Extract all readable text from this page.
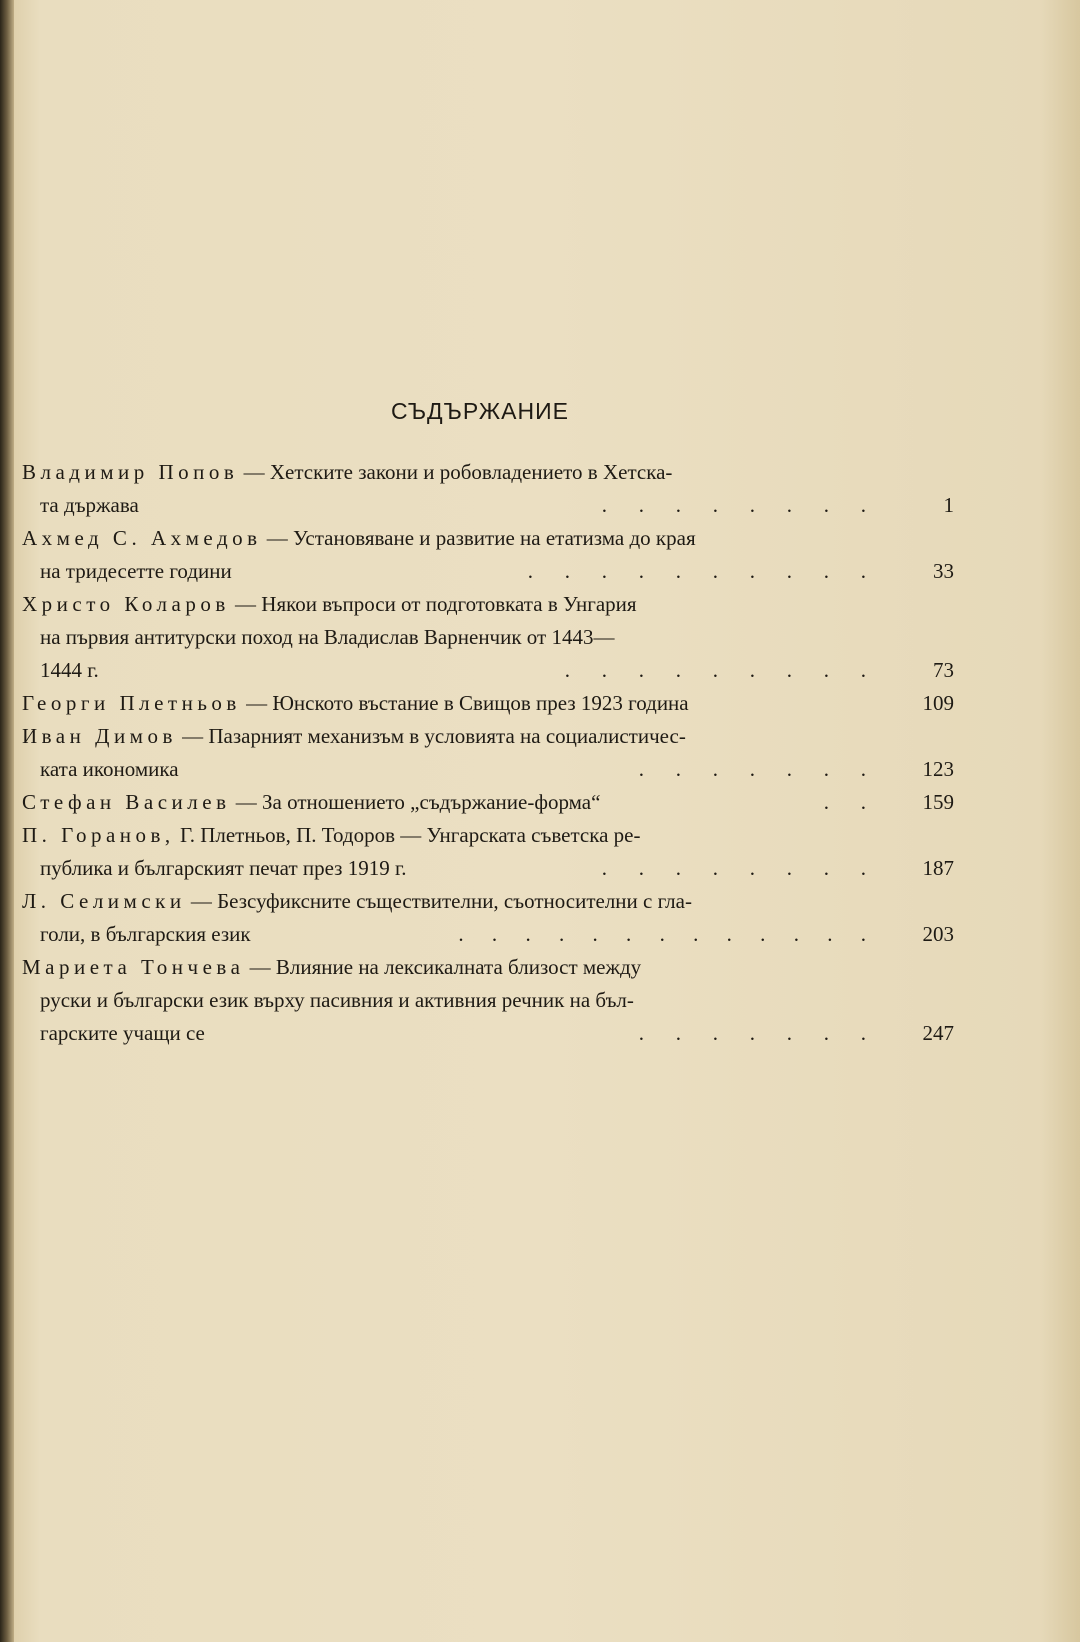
СЪДЪРЖАНИЕ
Владимир Попов — Хетските закони и робовладението в Хетска-
та държава	.	.	.	.	.	.	.	.	1
Ахмед С. Ахмедов — Установяване и развитие на етатизма до края
на тридесетте години	.	.	.	.	.	.	.	.	.	.	33
Христо Коларов — Някои въпроси от подготовката в Унгария
на първия антитурски поход на Владислав Варненчик от 1443—
1444 г.	.	.	.	.	.	.	.	.	.	73
Георги Плетньов — Юнското въстание в Свищов през 1923 година	109
Иван Димов — Пазарният механизъм в условията на социалистичес-
ката икономика	.	.	.	.	.	.	.	123
Стефан Василев — За отношението „съдържание-форма“	.	.	159
П. Горанов, Г. Плетньов, П. Тодоров — Унгарската съветска ре-
публика и българският печат през 1919 г.	.	.	.	.	.	.	.	.	187
Л. Селимски — Безсуфиксните съществителни, съотносителни с гла-
голи, в българския език	.	.	.	.	.	.	.	.	.	.	.	.	.	203
Мариета Тончева — Влияние на лексикалната близост между
руски и български език върху пасивния и активния речник на бъл-
гарските учащи се	.	.	.	.	.	.	.	247
